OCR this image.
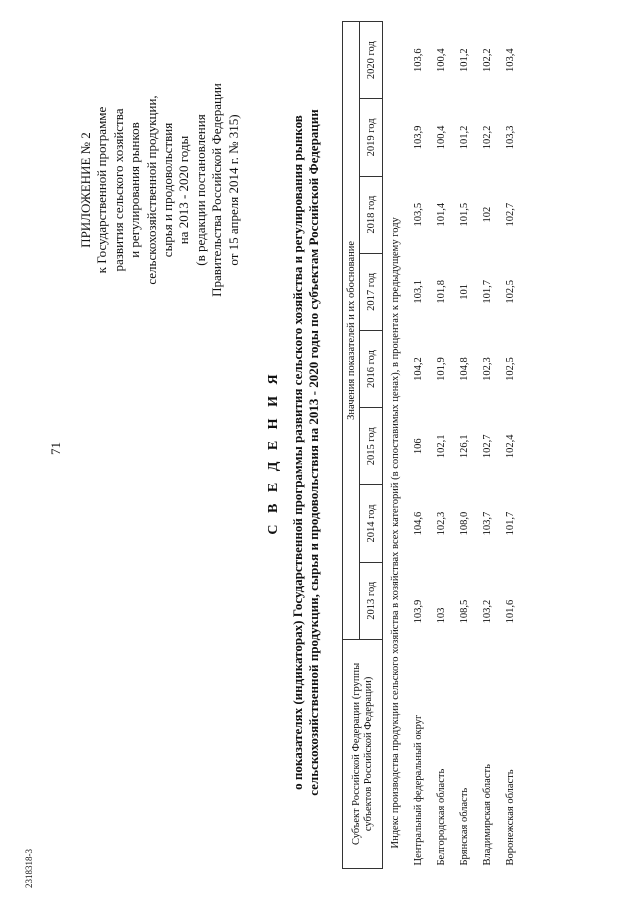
71
2318318-3
ПРИЛОЖЕНИЕ № 2 к Государственной программе развития сельского хозяйства и регулирования рынков сельскохозяйственной продукции, сырья и продовольствия на 2013 - 2020 годы (в редакции постановления Правительства Российской Федерации от 15 апреля 2014 г. № 315)
С В Е Д Е Н И Я о показателях (индикаторах) Государственной программы развития сельского хозяйства и регулирования рынков сельскохозяйственной продукции, сырья и продовольствия на 2013 - 2020 годы по субъектам Российской Федерации	Субъект Российской Федерации (группы субъектов Российской Федерации)	Значения показателей и их обоснование							
	2013 год	2014 год	2015 год	2016 год	2017 год	2018 год	2019 год	2020 год
Индекс производства продукции сельского хозяйства в хозяйствах всех категорий (в сопоставимых ценах), в процентах к предыдущему году								
Центральный федеральный округ	103,9	104,6	106	104,2	103,1	103,5	103,9	103,6
Белгородская область	103	102,3	102,1	101,9	101,8	101,4	100,4	100,4
Брянская область	108,5	108,0	126,1	104,8	101	101,5	101,2	101,2
Владимирская область	103,2	103,7	102,7	102,3	101,7	102	102,2	102,2
Воронежская область	101,6	101,7	102,4	102,5	102,5	102,7	103,3	103,4
